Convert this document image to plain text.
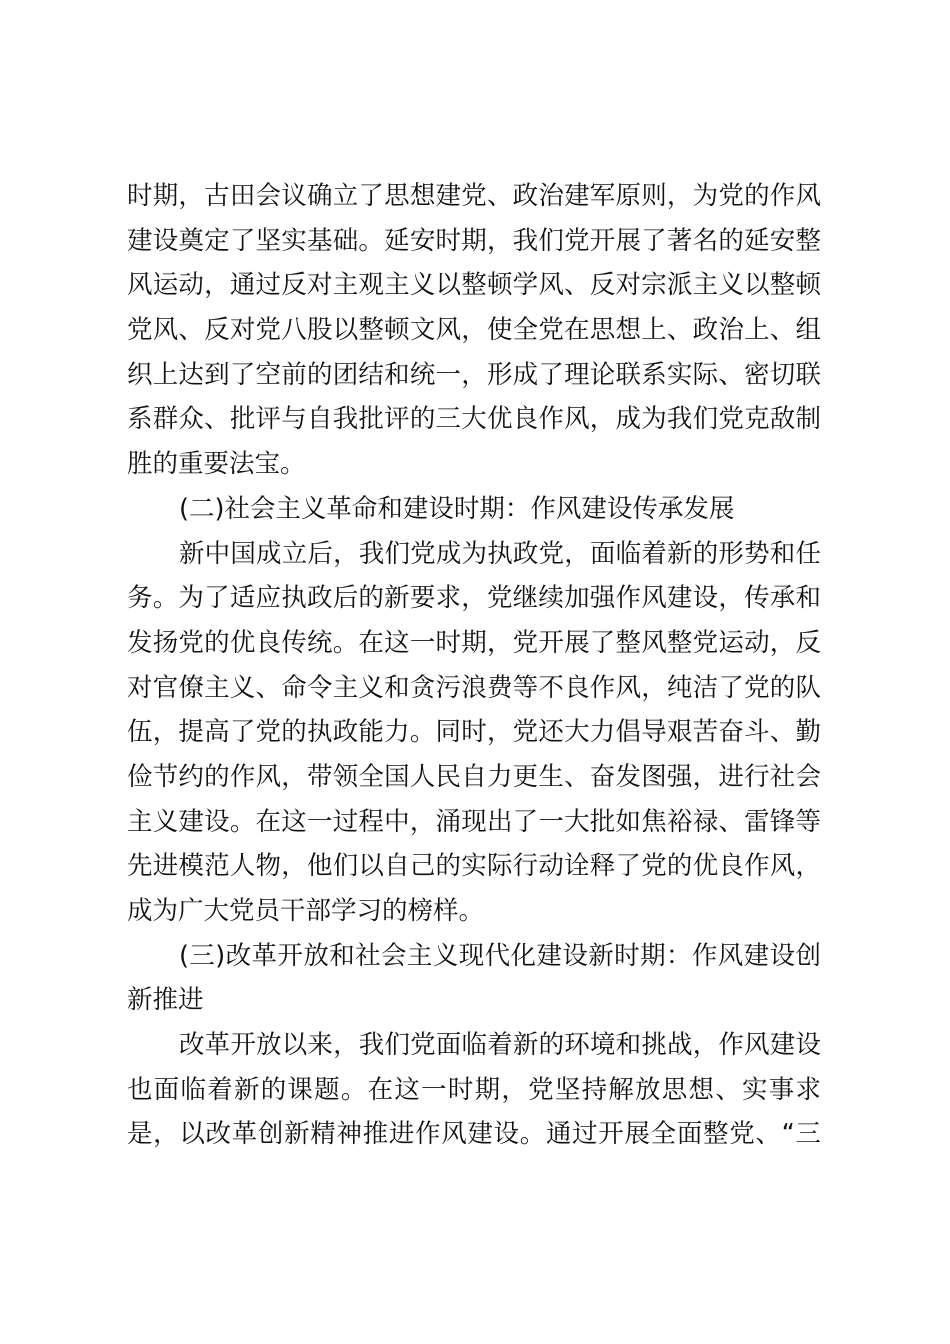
时期，古田会议确立了思想建党、政治建军原则，为党的作风
建设奠定了坚实基础。延安时期，我们党开展了著名的延安整
风运动，通过反对主观主义以整顿学风、反对宗派主义以整顿
党风、反对党八股以整顿文风，使全党在思想上、政治上、组
织上达到了空前的团结和统一，形成了理论联系实际、密切联
系群众、批评与自我批评的三大优良作风，成为我们党克敌制
胜的重要法宝。
(二)社会主义革命和建设时期：作风建设传承发展
新中国成立后，我们党成为执政党，面临着新的形势和任
务。为了适应执政后的新要求，党继续加强作风建设，传承和
发扬党的优良传统。在这一时期，党开展了整风整党运动，反
对官僚主义、命令主义和贪污浪费等不良作风，纯洁了党的队
伍，提高了党的执政能力。同时，党还大力倡导艰苦奋斗、勤
俭节约的作风，带领全国人民自力更生、奋发图强，进行社会
主义建设。在这一过程中，涌现出了一大批如焦裕禄、雷锋等
先进模范人物，他们以自己的实际行动诠释了党的优良作风，
成为广大党员干部学习的榜样。
(三)改革开放和社会主义现代化建设新时期：作风建设创
新推进
改革开放以来，我们党面临着新的环境和挑战，作风建设
也面临着新的课题。在这一时期，党坚持解放思想、实事求
是，以改革创新精神推进作风建设。通过开展全面整党、“三
